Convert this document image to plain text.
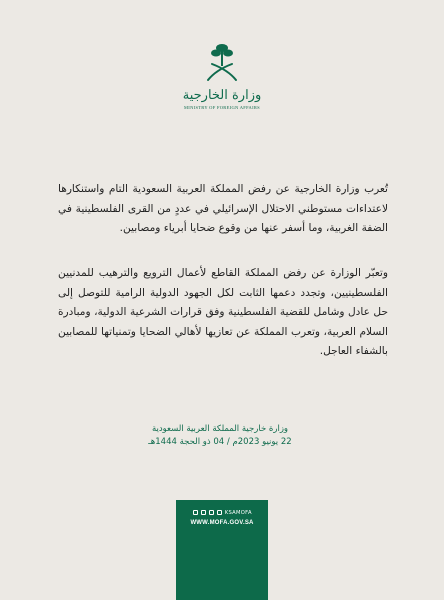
وزارة الخارجية
MINISTRY OF FOREIGN AFFAIRS

تُعرب وزارة الخارجية عن رفض المملكة العربية السعودية التام واستنكارها لاعتداءات مستوطني الاحتلال الإسرائيلي في عددٍ من القرى الفلسطينية في الضفة الغربية، وما أسفر عنها من وقوع ضحايا أبرياء ومصابين.

وتعبّر الوزارة عن رفض المملكة القاطع لأعمال الترويع والترهيب للمدنيين الفلسطينيين، وتجدد دعمها الثابت لكل الجهود الدولية الرامية للتوصل إلى حل عادل وشامل للقضية الفلسطينية وفق قرارات الشرعية الدولية، ومبادرة السلام العربية، وتعرب المملكة عن تعازيها لأهالي الضحايا وتمنياتها للمصابين بالشفاء العاجل.

وزارة خارجية المملكة العربية السعودية
22 يونيو 2023م / 04 ذو الحجة 1444هـ
KSAMOFA
WWW.MOFA.GOV.SA
